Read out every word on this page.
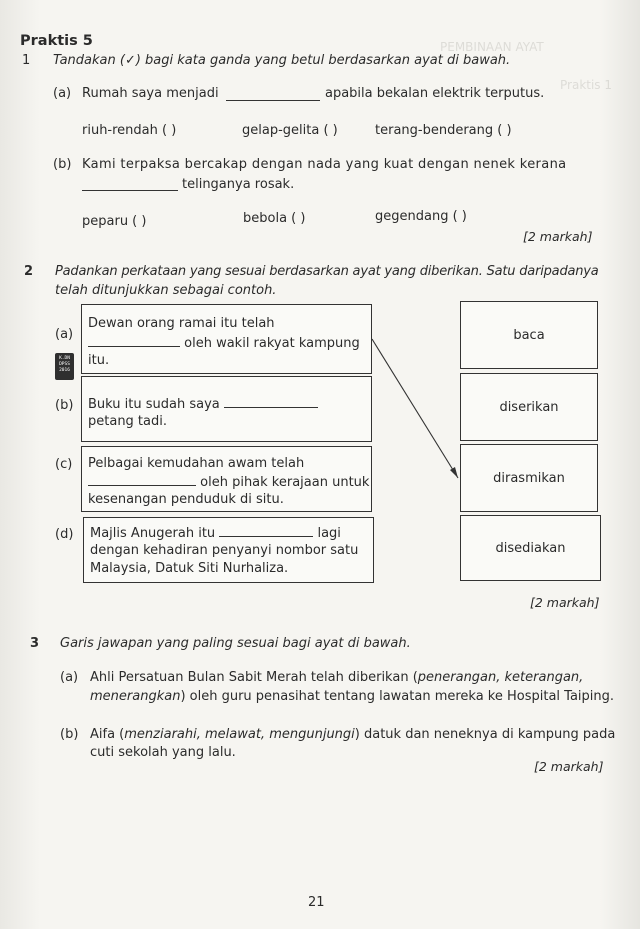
PEMBINAAN AYAT
Praktis 1
Praktis 5
1 Tandakan (✓) bagi kata ganda yang betul berdasarkan ayat di bawah.
(a) Rumah saya menjadi	apabila bekalan elektrik terputus.
riuh-rendah ( )	gelap-gelita ( )	terang-benderang ( )
(b) Kami terpaksa bercakap dengan nada yang kuat dengan nenek kerana
telinganya rosak.
peparu ( )	bebola ( )	gegendang ( )
[2 markah]
2 Padankan perkataan yang sesuai berdasarkan ayat yang diberikan. Satu daripadanya
telah ditunjukkan sebagai contoh.
K.DN
DPSS
2016
(a)
Dewan orang ramai itu telah
oleh wakil rakyat kampung
itu.
(b) Buku itu sudah saya
petang tadi.
(c) Pelbagai kemudahan awam telah
oleh pihak kerajaan untuk
kesenangan penduduk di situ.
(d) Majlis Anugerah itu	lagi
dengan kehadiran penyanyi nombor satu
Malaysia, Datuk Siti Nurhaliza.
baca
diserikan
dirasmikan
disediakan
[2 markah]
3 Garis jawapan yang paling sesuai bagi ayat di bawah.
(a) Ahli Persatuan Bulan Sabit Merah telah diberikan (penerangan, keterangan,
menerangkan) oleh guru penasihat tentang lawatan mereka ke Hospital Taiping.
(b) Aifa (menziarahi, melawat, mengunjungi) datuk dan neneknya di kampung pada
cuti sekolah yang lalu.
[2 markah]
21
